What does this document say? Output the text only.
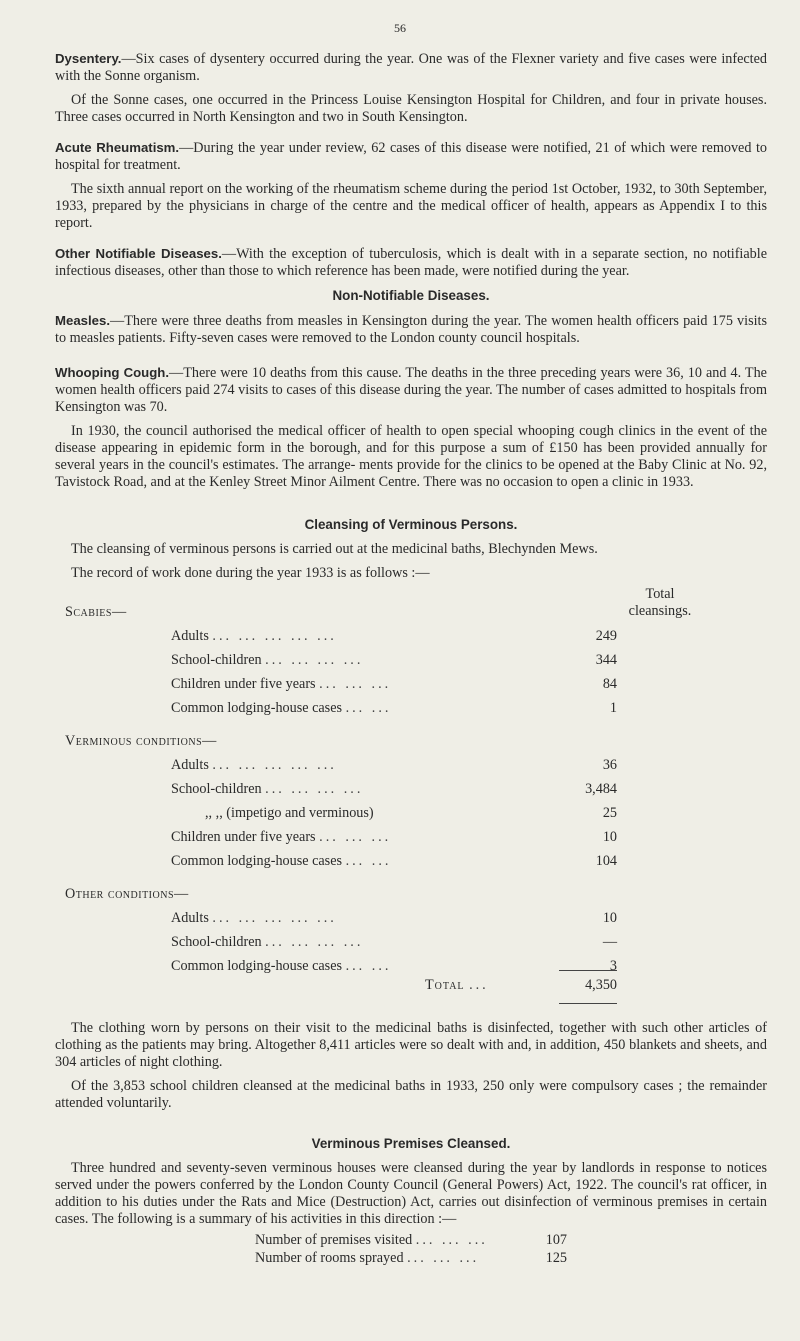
56

Dysentery.—Six cases of dysentery occurred during the year. One was of the Flexner variety and five cases were infected with the Sonne organism.

Of the Sonne cases, one occurred in the Princess Louise Kensington Hospital for Children, and four in private houses. Three cases occurred in North Kensington and two in South Kensington.

Acute Rheumatism.—During the year under review, 62 cases of this disease were notified, 21 of which were removed to hospital for treatment.

The sixth annual report on the working of the rheumatism scheme during the period 1st October, 1932, to 30th September, 1933, prepared by the physicians in charge of the centre and the medical officer of health, appears as Appendix I to this report.

Other Notifiable Diseases.—With the exception of tuberculosis, which is dealt with in a separate section, no notifiable infectious diseases, other than those to which reference has been made, were notified during the year.

Non-Notifiable Diseases.

Measles.—There were three deaths from measles in Kensington during the year. The women health officers paid 175 visits to measles patients. Fifty-seven cases were removed to the London county council hospitals.

Whooping Cough.—There were 10 deaths from this cause. The deaths in the three preceding years were 36, 10 and 4. The women health officers paid 274 visits to cases of this disease during the year. The number of cases admitted to hospitals from Kensington was 70.

In 1930, the council authorised the medical officer of health to open special whooping cough clinics in the event of the disease appearing in epidemic form in the borough, and for this purpose a sum of £150 has been provided annually for several years in the council's estimates. The arrange- ments provide for the clinics to be opened at the Baby Clinic at No. 92, Tavistock Road, and at the Kenley Street Minor Ailment Centre. There was no occasion to open a clinic in 1933.

Cleansing of Verminous Persons.

The cleansing of verminous persons is carried out at the medicinal baths, Blechynden Mews.

The record of work done during the year 1933 is as follows :—

Total
cleansings.
Scabies—
Adults ... ... ... ... ...	249
School-children ... ... ... ...	344
Children under five years ... ... ...	84
Common lodging-house cases ... ...	1
Verminous conditions—
Adults ... ... ... ... ...	36
School-children ... ... ... ...	3,484
,, ,, (impetigo and verminous)	25
Children under five years ... ... ...	10
Common lodging-house cases ... ...	104
Other conditions—
Adults ... ... ... ... ...	10
School-children ... ... ... ...	—
Common lodging-house cases ... ...	3
Total ...	4,350

The clothing worn by persons on their visit to the medicinal baths is disinfected, together with such other articles of clothing as the patients may bring. Altogether 8,411 articles were so dealt with and, in addition, 450 blankets and sheets, and 304 articles of night clothing.

Of the 3,853 school children cleansed at the medicinal baths in 1933, 250 only were compulsory cases ; the remainder attended voluntarily.

Verminous Premises Cleansed.

Three hundred and seventy-seven verminous houses were cleansed during the year by landlords in response to notices served under the powers conferred by the London County Council (General Powers) Act, 1922. The council's rat officer, in addition to his duties under the Rats and Mice (Destruction) Act, carries out disinfection of verminous premises in certain cases. The following is a summary of his activities in this direction :—

Number of premises visited ... ... ...	107
Number of rooms sprayed ... ... ...	125
